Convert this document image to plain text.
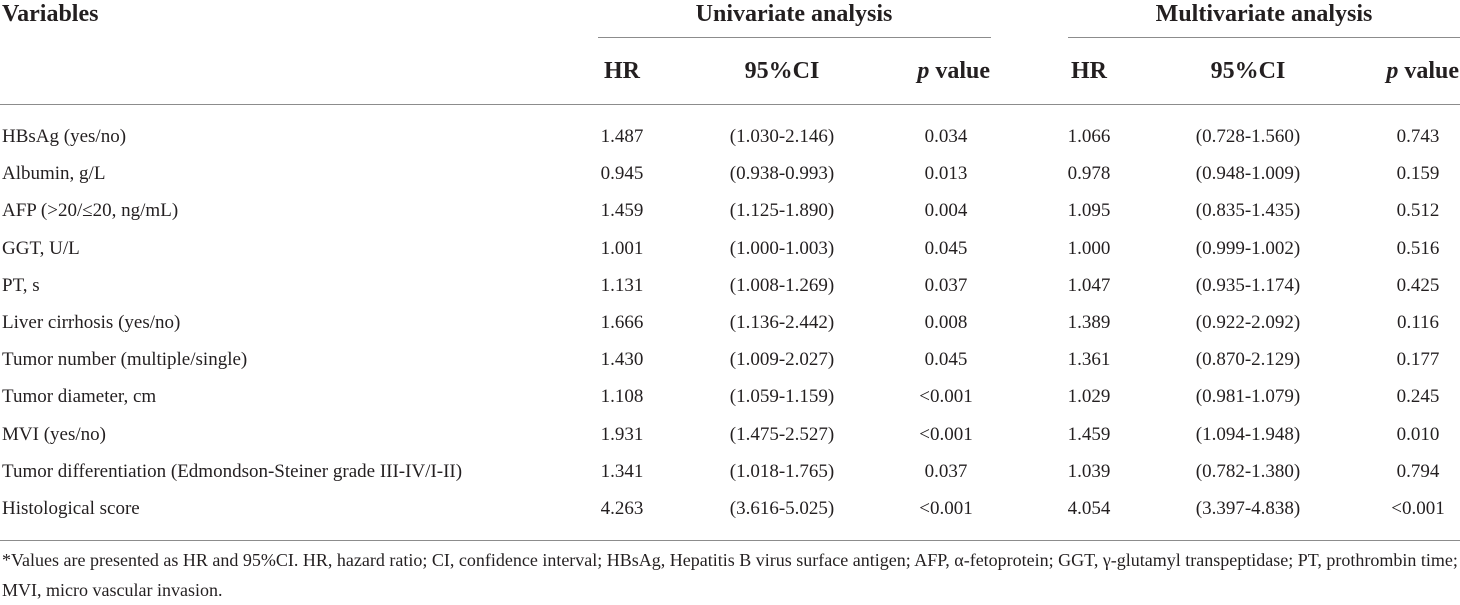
Variables	Univariate analysis	Multivariate analysis
HR	95%CI	p value	HR	95%CI	p value
HBsAg (yes/no)	1.487	(1.030-2.146)	0.034	1.066	(0.728-1.560)	0.743
Albumin, g/L	0.945	(0.938-0.993)	0.013	0.978	(0.948-1.009)	0.159
AFP (>20/≤20, ng/mL)	1.459	(1.125-1.890)	0.004	1.095	(0.835-1.435)	0.512
GGT, U/L	1.001	(1.000-1.003)	0.045	1.000	(0.999-1.002)	0.516
PT, s	1.131	(1.008-1.269)	0.037	1.047	(0.935-1.174)	0.425
Liver cirrhosis (yes/no)	1.666	(1.136-2.442)	0.008	1.389	(0.922-2.092)	0.116
Tumor number (multiple/single)	1.430	(1.009-2.027)	0.045	1.361	(0.870-2.129)	0.177
Tumor diameter, cm	1.108	(1.059-1.159)	<0.001	1.029	(0.981-1.079)	0.245
MVI (yes/no)	1.931	(1.475-2.527)	<0.001	1.459	(1.094-1.948)	0.010
Tumor differentiation (Edmondson-Steiner grade III-IV/I-II)	1.341	(1.018-1.765)	0.037	1.039	(0.782-1.380)	0.794
Histological score	4.263	(3.616-5.025)	<0.001	4.054	(3.397-4.838)	<0.001
*Values are presented as HR and 95%CI. HR, hazard ratio; CI, confidence interval; HBsAg, Hepatitis B virus surface antigen; AFP, α-fetoprotein; GGT, γ-glutamyl transpeptidase; PT, prothrombin time; MVI, micro vascular invasion.
